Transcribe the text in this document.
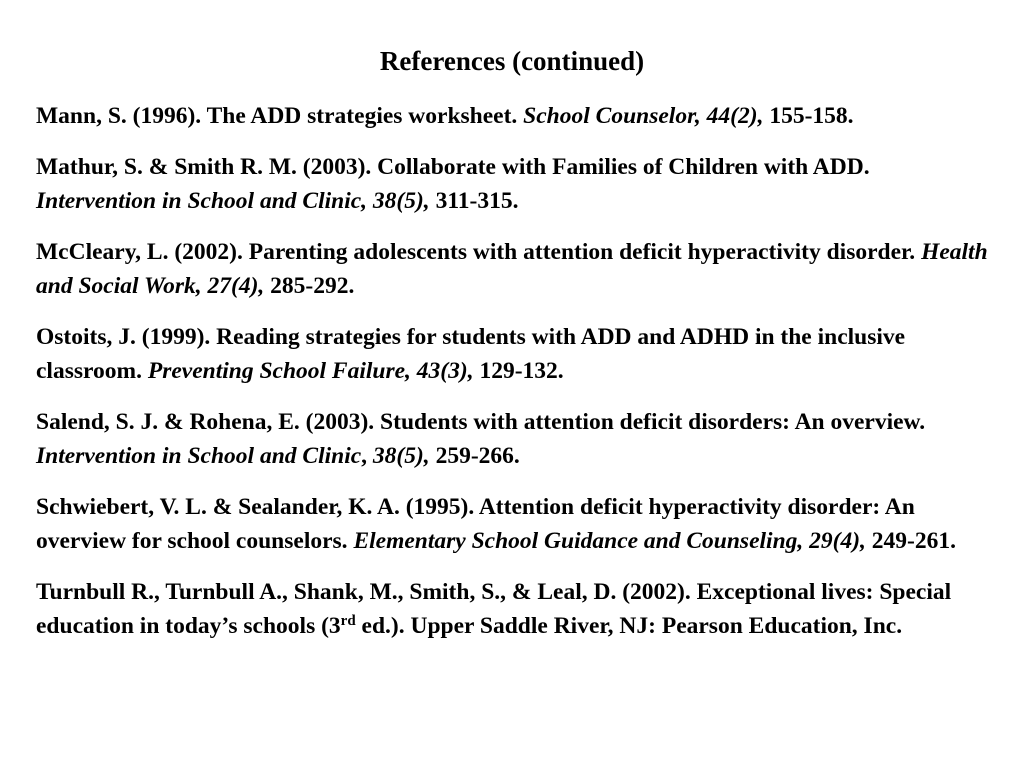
References (continued)

Mann, S. (1996). The ADD strategies worksheet. School Counselor, 44(2), 155-158.

Mathur, S. & Smith R. M. (2003). Collaborate with Families of Children with ADD. Intervention in School and Clinic, 38(5), 311-315.

McCleary, L. (2002). Parenting adolescents with attention deficit hyperactivity disorder. Health and Social Work, 27(4), 285-292.

Ostoits, J. (1999). Reading strategies for students with ADD and ADHD in the inclusive classroom. Preventing School Failure, 43(3), 129-132.

Salend, S. J. & Rohena, E. (2003). Students with attention deficit disorders: An overview. Intervention in School and Clinic, 38(5), 259-266.

Schwiebert, V. L. & Sealander, K. A. (1995). Attention deficit hyperactivity disorder: An overview for school counselors. Elementary School Guidance and Counseling, 29(4), 249-261.

Turnbull R., Turnbull A., Shank, M., Smith, S., & Leal, D. (2002). Exceptional lives: Special education in today’s schools (3rd ed.). Upper Saddle River, NJ: Pearson Education, Inc.
